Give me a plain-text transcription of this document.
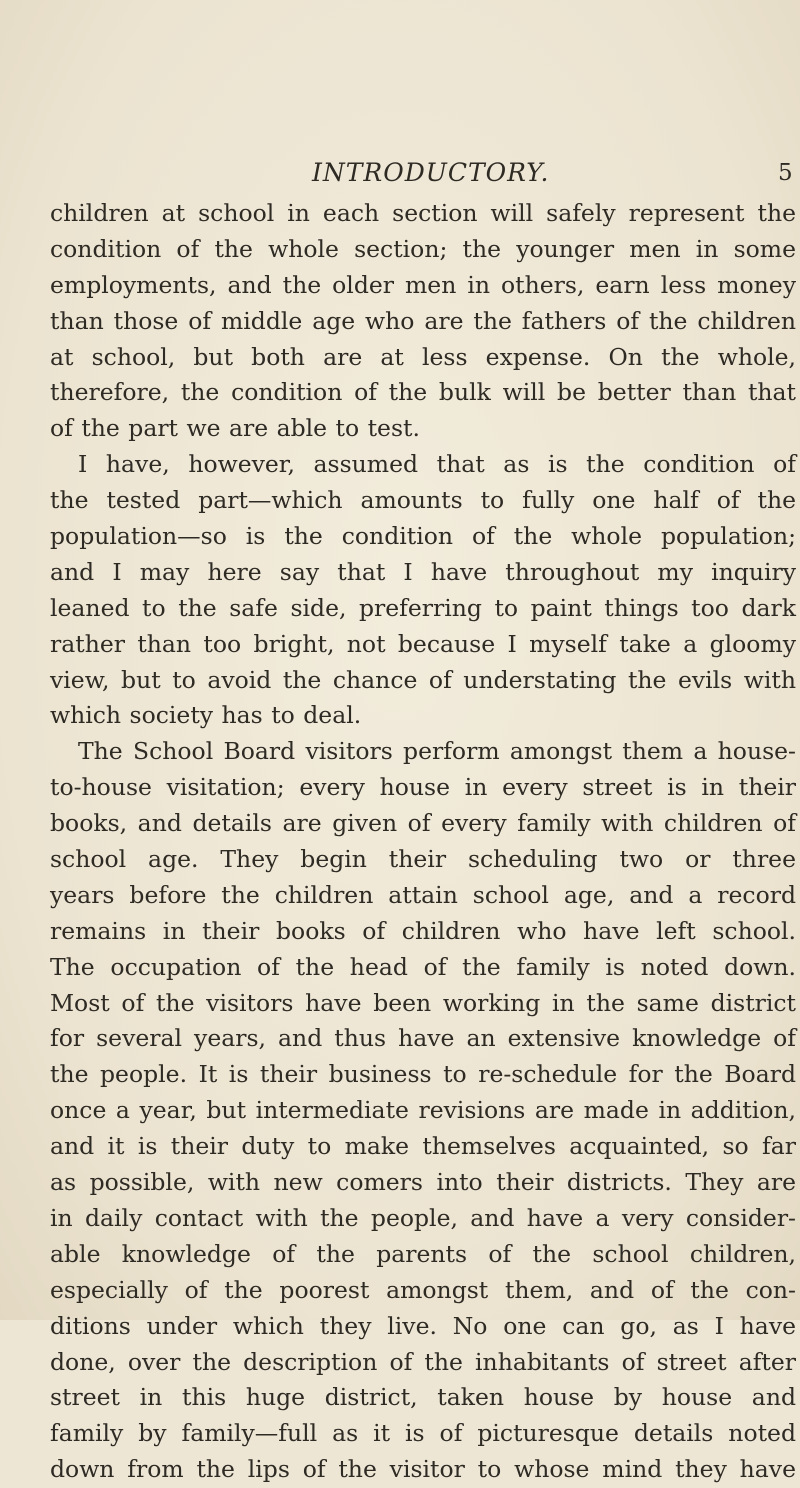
INTRODUCTORY.	5
children at school in each section will safely represent the
condition of the whole section; the younger men in some
employments, and the older men in others, earn less money
than those of middle age who are the fathers of the children
at school, but both are at less expense. On the whole,
therefore, the condition of the bulk will be better than that
of the part we are able to test.
I have, however, assumed that as is the condition of
the tested part—which amounts to fully one half of the
population—so is the condition of the whole population;
and I may here say that I have throughout my inquiry
leaned to the safe side, preferring to paint things too dark
rather than too bright, not because I myself take a gloomy
view, but to avoid the chance of understating the evils with
which society has to deal.
The School Board visitors perform amongst them a house-
to-house visitation; every house in every street is in their
books, and details are given of every family with children of
school age. They begin their scheduling two or three
years before the children attain school age, and a record
remains in their books of children who have left school.
The occupation of the head of the family is noted down.
Most of the visitors have been working in the same district
for several years, and thus have an extensive knowledge of
the people. It is their business to re-schedule for the Board
once a year, but intermediate revisions are made in addition,
and it is their duty to make themselves acquainted, so far
as possible, with new comers into their districts. They are
in daily contact with the people, and have a very consider-
able knowledge of the parents of the school children,
especially of the poorest amongst them, and of the con-
ditions under which they live. No one can go, as I have
done, over the description of the inhabitants of street after
street in this huge district, taken house by house and
family by family—full as it is of picturesque details noted
down from the lips of the visitor to whose mind they have
